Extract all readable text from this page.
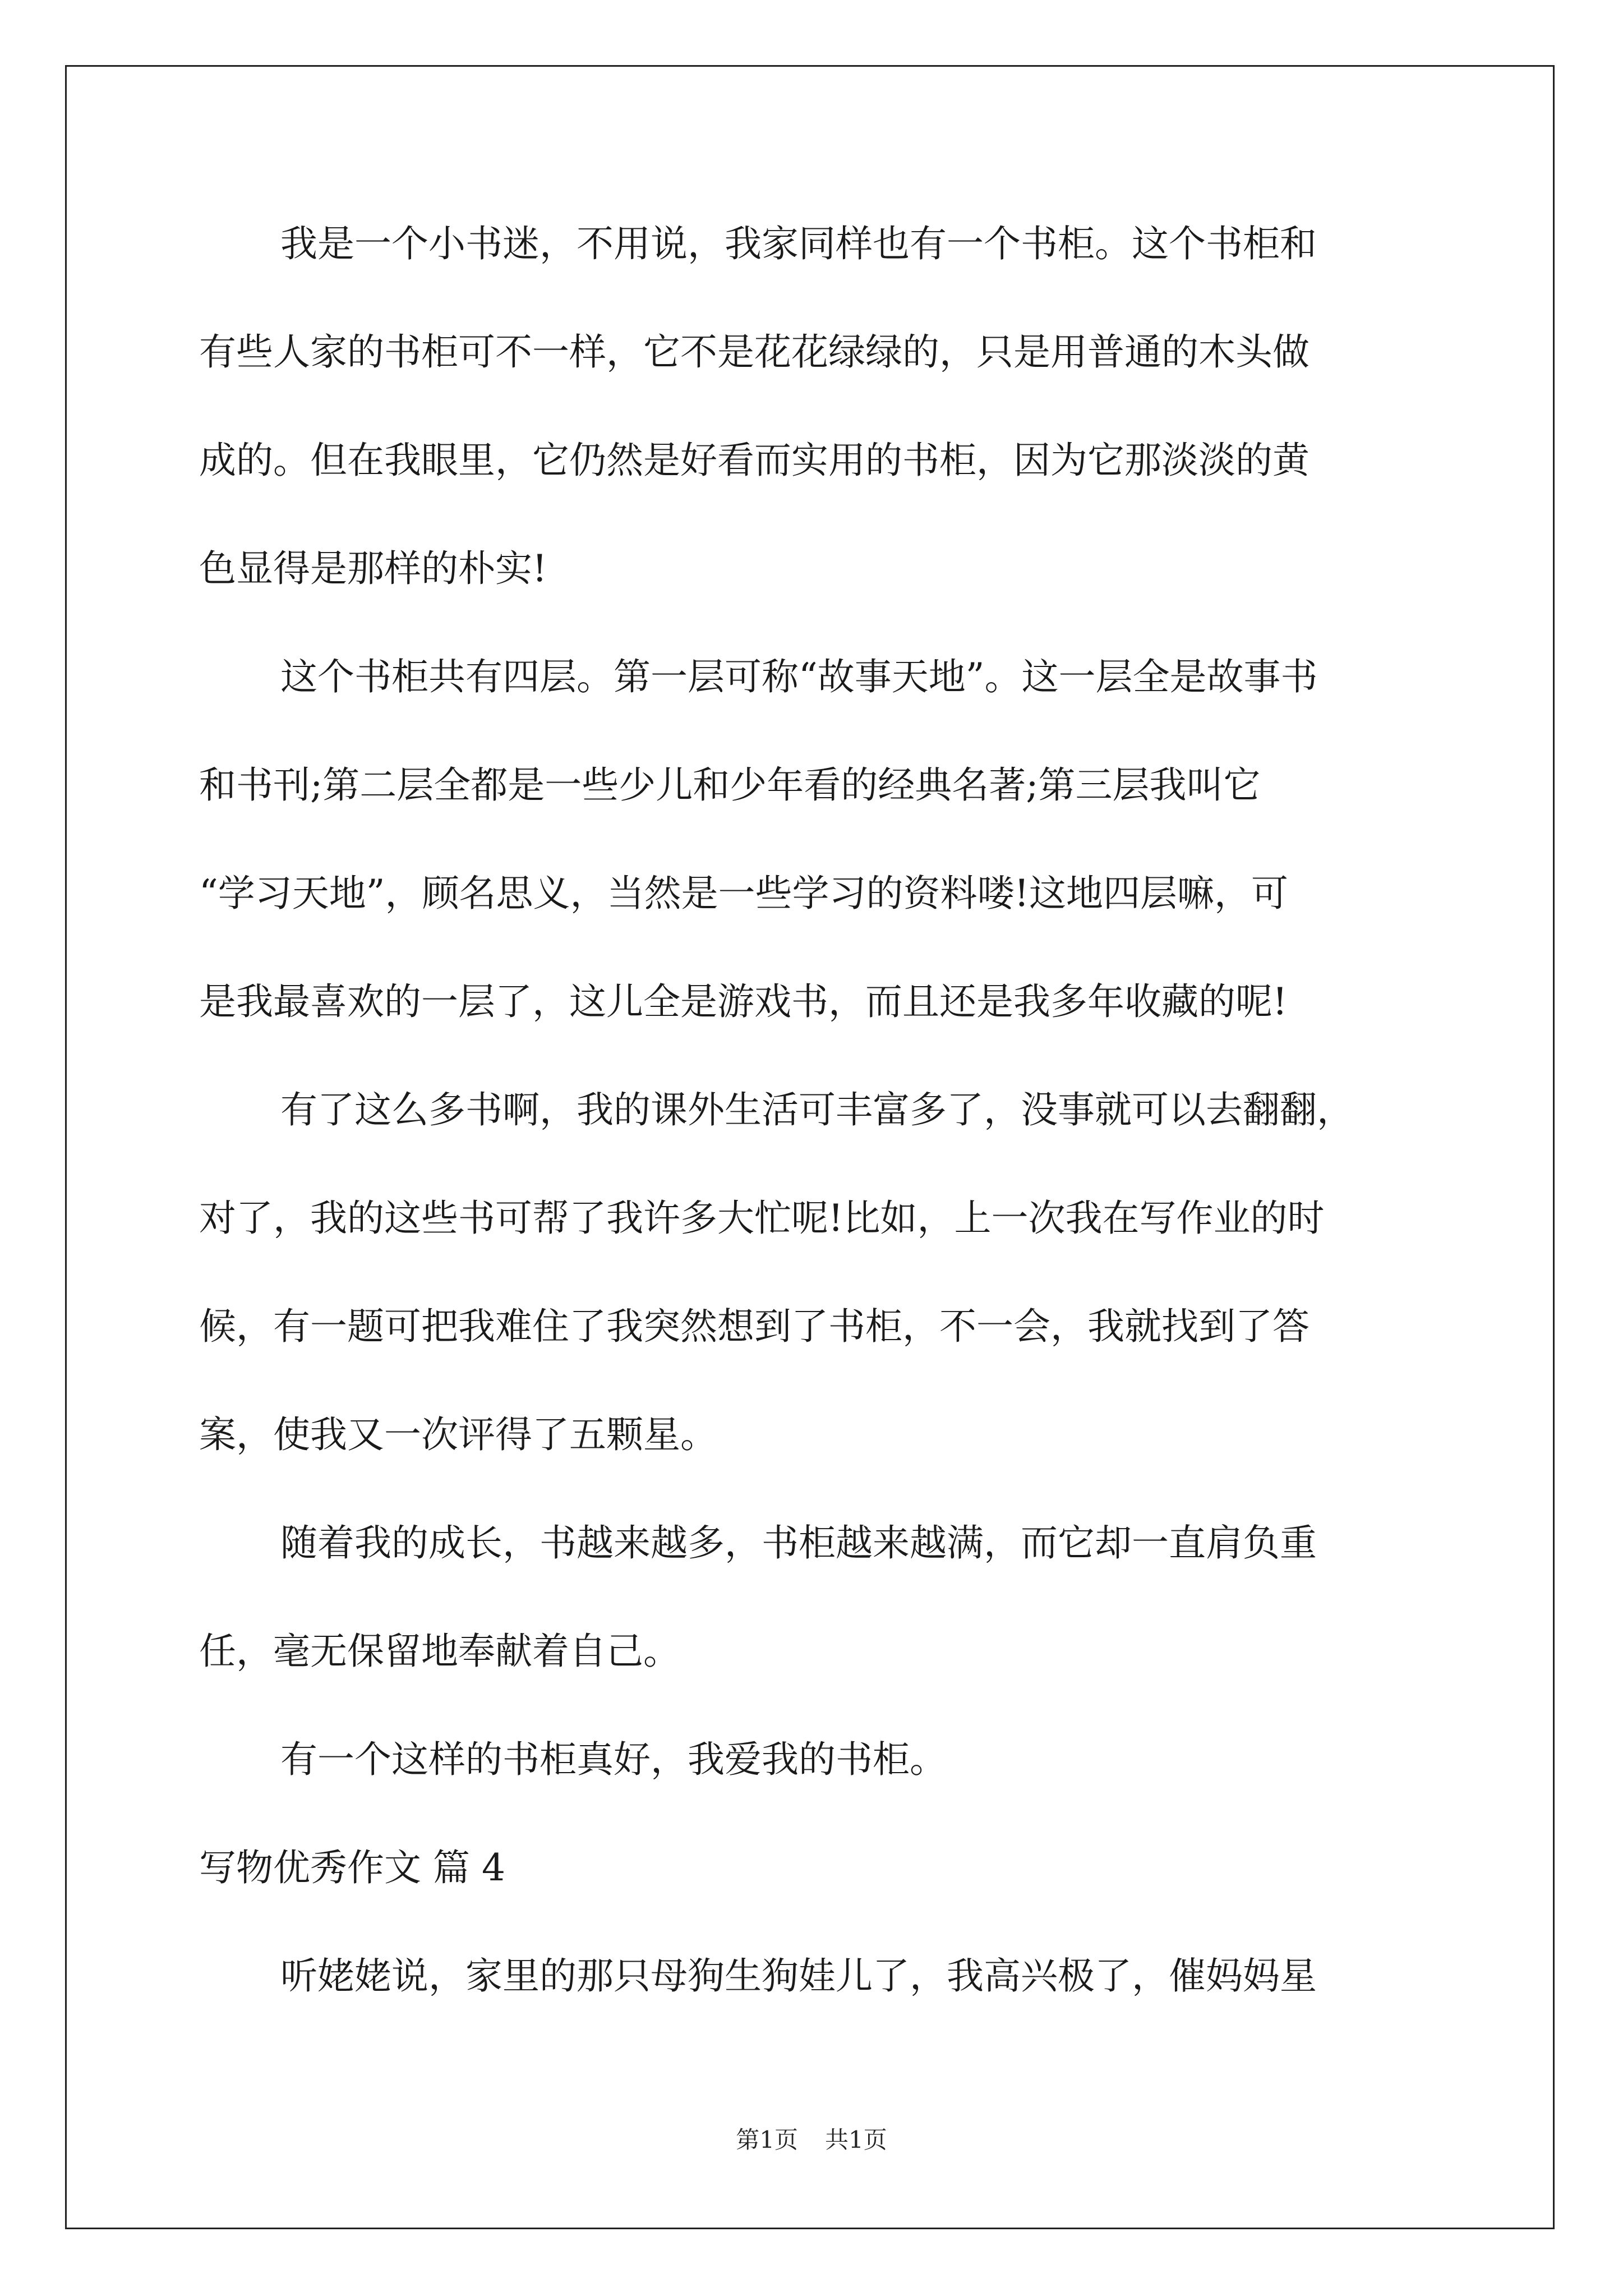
我是一个小书迷，不用说，我家同样也有一个书柜。这个书柜和
有些人家的书柜可不一样，它不是花花绿绿的，只是用普通的木头做
成的。但在我眼里，它仍然是好看而实用的书柜，因为它那淡淡的黄
色显得是那样的朴实!
这个书柜共有四层。第一层可称“故事天地”。这一层全是故事书
和书刊;第二层全都是一些少儿和少年看的经典名著;第三层我叫它
“学习天地”，顾名思义，当然是一些学习的资料喽!这地四层嘛，可
是我最喜欢的一层了，这儿全是游戏书，而且还是我多年收藏的呢!
有了这么多书啊，我的课外生活可丰富多了，没事就可以去翻翻，
对了，我的这些书可帮了我许多大忙呢!比如，上一次我在写作业的时
候，有一题可把我难住了我突然想到了书柜，不一会，我就找到了答
案，使我又一次评得了五颗星。
随着我的成长，书越来越多，书柜越来越满，而它却一直肩负重
任，毫无保留地奉献着自己。
有一个这样的书柜真好，我爱我的书柜。
写物优秀作文 篇 4
听姥姥说，家里的那只母狗生狗娃儿了，我高兴极了，催妈妈星
第1页 共1页
